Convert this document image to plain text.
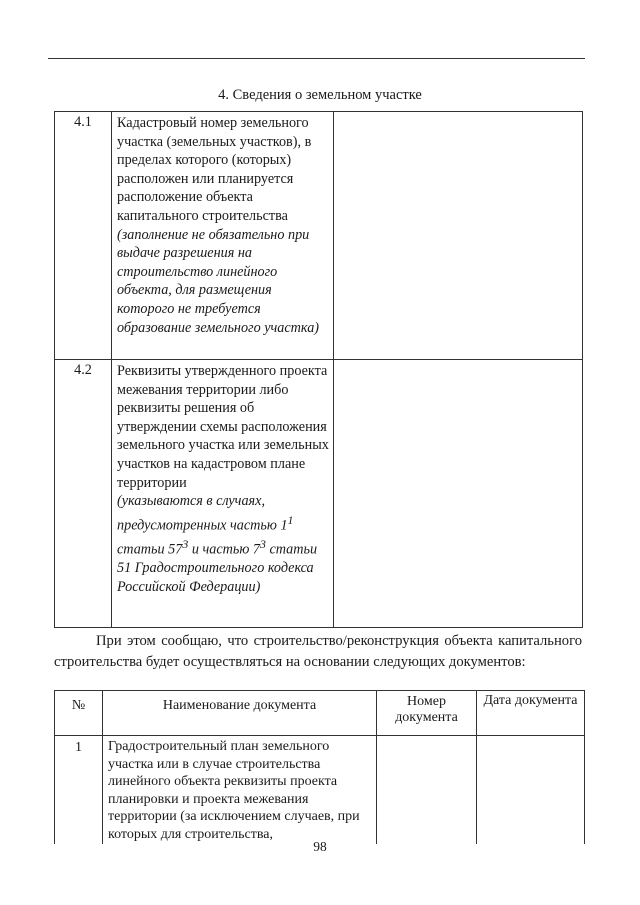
4. Сведения о земельном участке
4.1	Кадастровый номер земельного участка (земельных участков), в пределах которого (которых) расположен или планируется расположение объекта капитального строительства
(заполнение не обязательно при выдаче разрешения на строительство линейного объекта, для размещения которого не требуется образование земельного участка)	

4.2	Реквизиты утвержденного проекта межевания территории либо реквизиты решения об утверждении схемы расположения земельного участка или земельных участков на кадастровом плане территории
(указываются в случаях, предусмотренных частью $1^1$ статьи $57^3$ и частью $7^3$ статьи 51 Градостроительного кодекса Российской Федерации)	

При этом сообщаю, что строительство/реконструкция объекта капитального строительства будет осуществляться на основании следующих документов:
№	Наименование документа	Номер документа	Дата документа
1	Градостроительный план земельного участка или в случае строительства линейного объекта реквизиты проекта планировки и проекта межевания территории (за исключением случаев, при которых для строительства,		
98
